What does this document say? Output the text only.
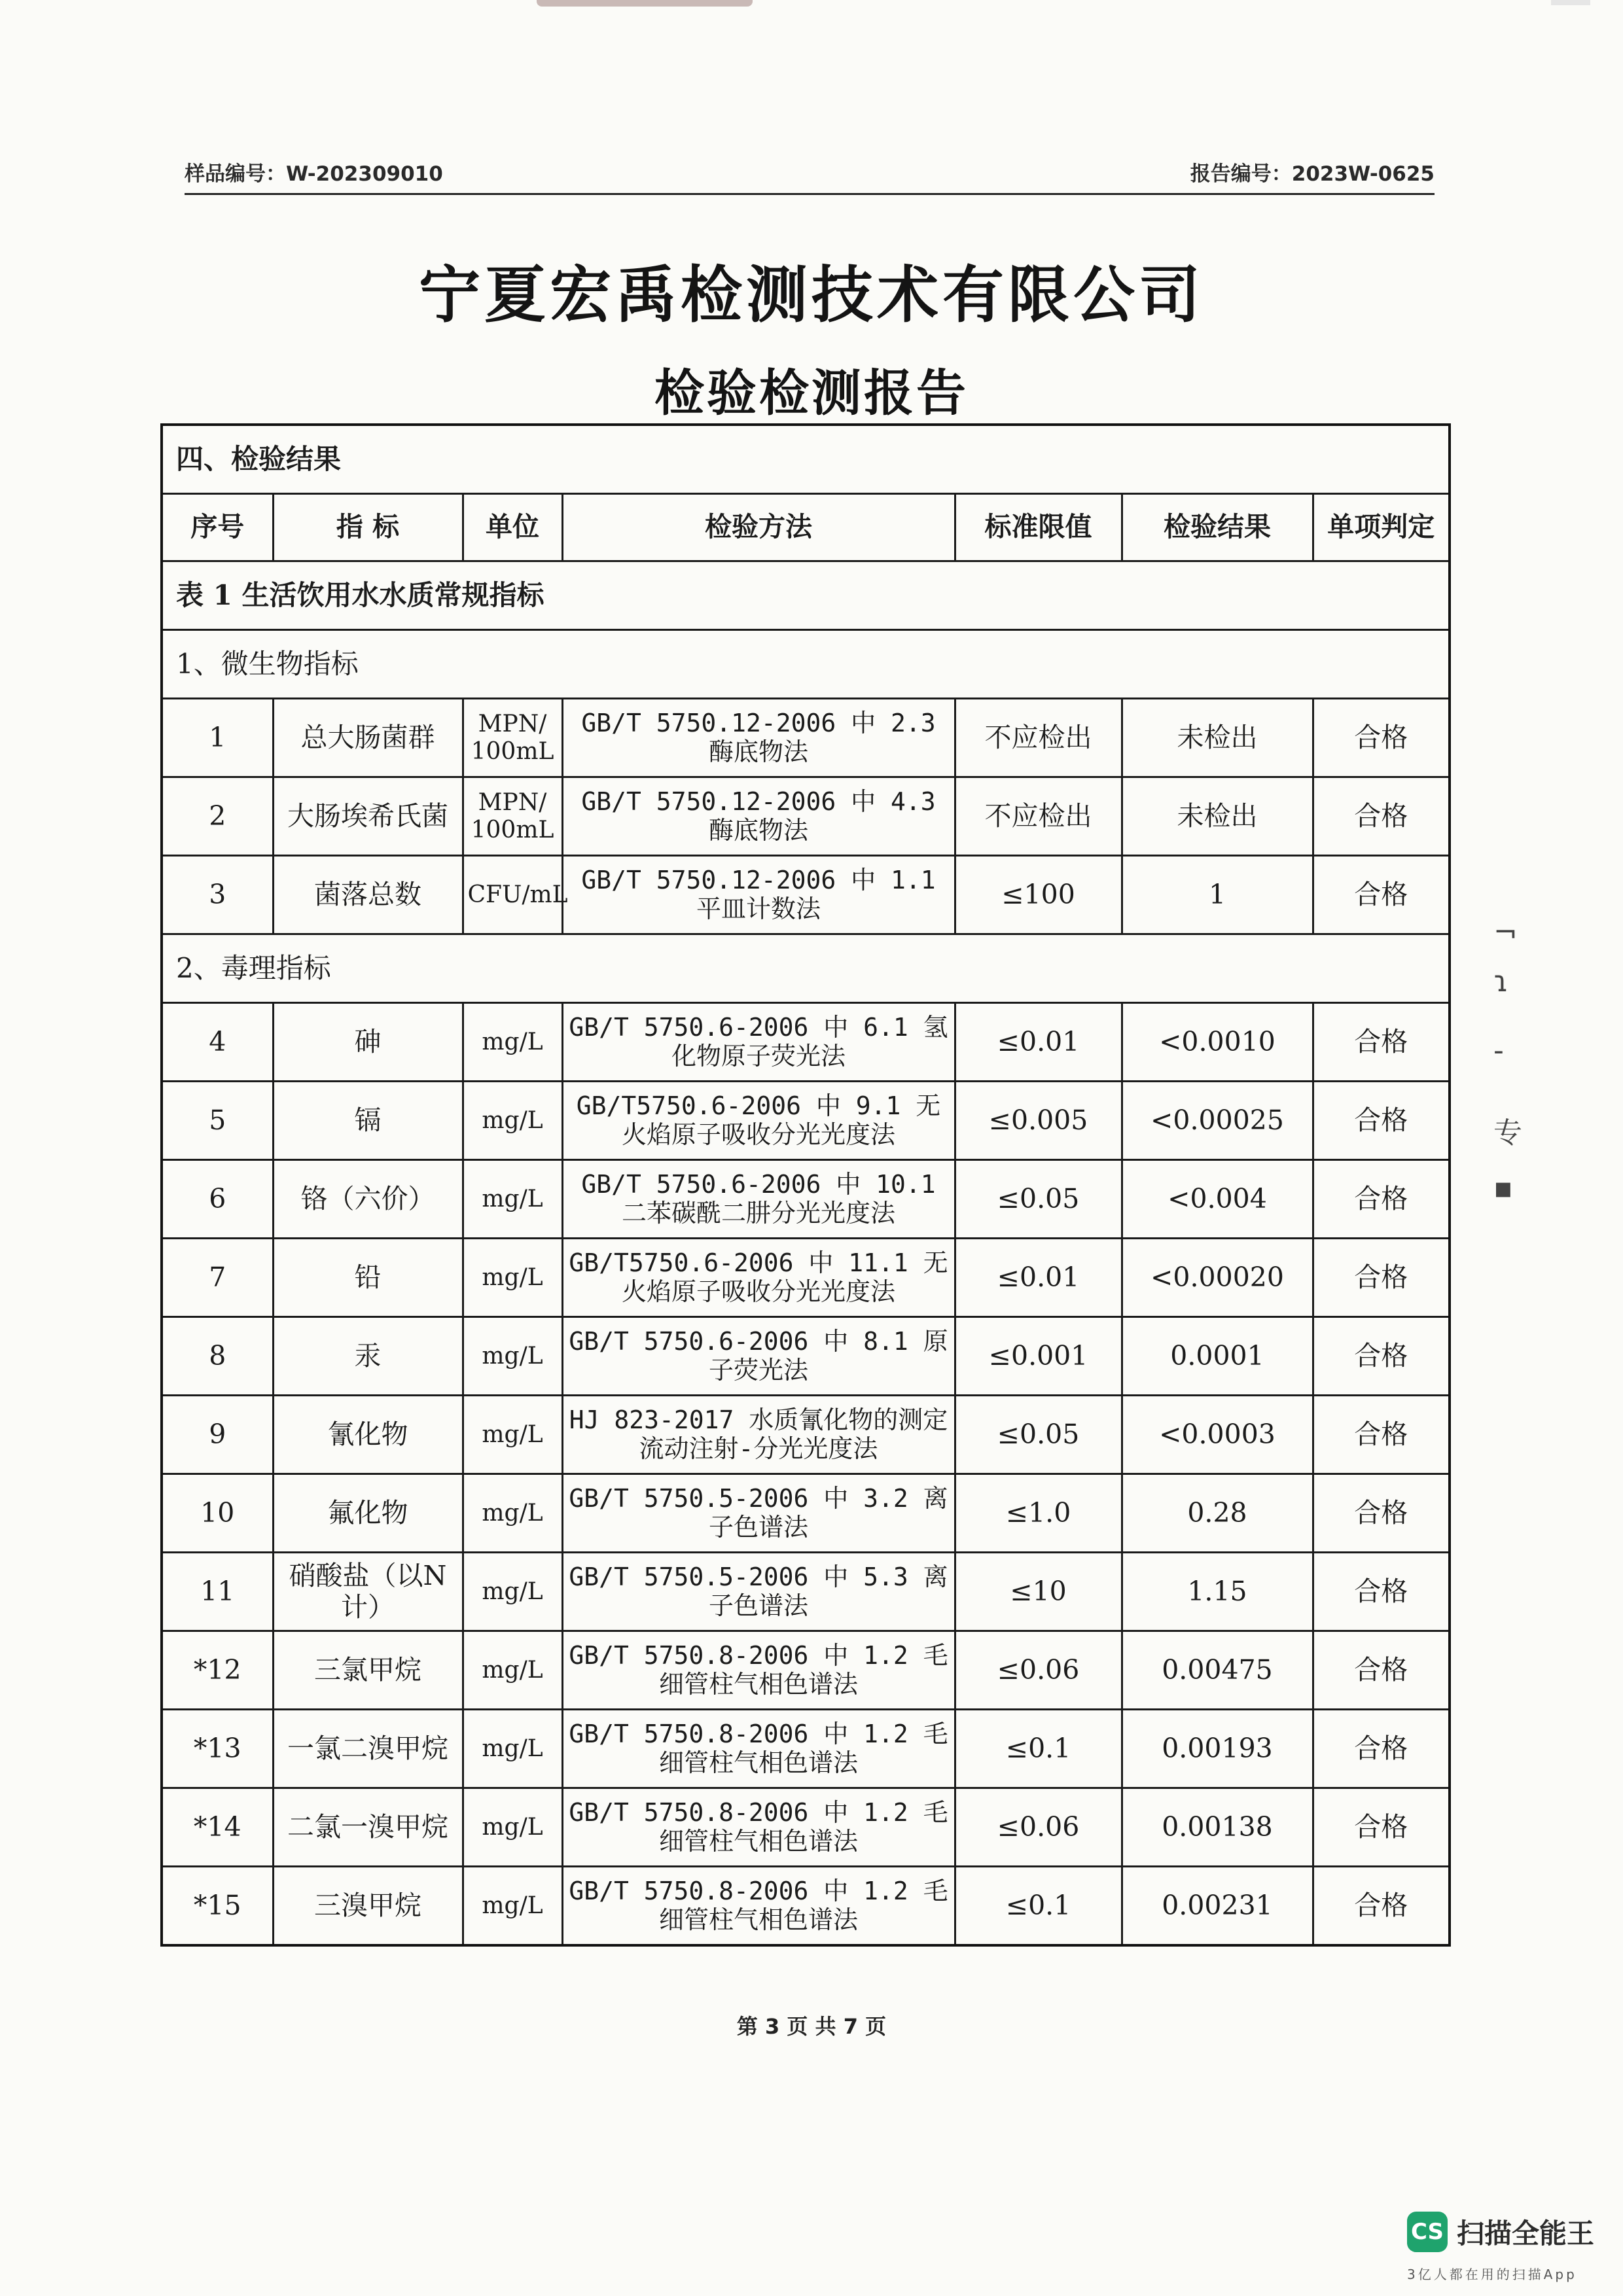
样品编号：W-202309010	报告编号：2023W-0625
宁夏宏禹检测技术有限公司
检验检测报告
四、检验结果						
序号	指 标	单位	检验方法	标准限值	检验结果	单项判定
表 1 生活饮用水水质常规指标						
1、微生物指标						
1	总大肠菌群	MPN/ 100mL	GB/T 5750.12-2006 中 2.3 酶底物法	不应检出	未检出	合格
2	大肠埃希氏菌	MPN/ 100mL	GB/T 5750.12-2006 中 4.3 酶底物法	不应检出	未检出	合格
3	菌落总数	CFU/mL	GB/T 5750.12-2006 中 1.1 平皿计数法	≤100	1	合格
2、毒理指标						
4	砷	mg/L	GB/T 5750.6-2006 中 6.1 氢化物原子荧光法	≤0.01	<0.0010	合格
5	镉	mg/L	GB/T5750.6-2006 中 9.1 无火焰原子吸收分光光度法	≤0.005	<0.00025	合格
6	铬（六价）	mg/L	GB/T 5750.6-2006 中 10.1 二苯碳酰二肼分光光度法	≤0.05	<0.004	合格
7	铅	mg/L	GB/T5750.6-2006 中 11.1 无火焰原子吸收分光光度法	≤0.01	<0.00020	合格
8	汞	mg/L	GB/T 5750.6-2006 中 8.1 原子荧光法	≤0.001	0.0001	合格
9	氰化物	mg/L	HJ 823-2017 水质氰化物的测定流动注射-分光光度法	≤0.05	<0.0003	合格
10	氟化物	mg/L	GB/T 5750.5-2006 中 3.2 离子色谱法	≤1.0	0.28	合格
11	硝酸盐（以N计）	mg/L	GB/T 5750.5-2006 中 5.3 离子色谱法	≤10	1.15	合格
*12	三氯甲烷	mg/L	GB/T 5750.8-2006 中 1.2 毛细管柱气相色谱法	≤0.06	0.00475	合格
*13	一氯二溴甲烷	mg/L	GB/T 5750.8-2006 中 1.2 毛细管柱气相色谱法	≤0.1	0.00193	合格
*14	二氯一溴甲烷	mg/L	GB/T 5750.8-2006 中 1.2 毛细管柱气相色谱法	≤0.06	0.00138	合格
*15	三溴甲烷	mg/L	GB/T 5750.8-2006 中 1.2 毛细管柱气相色谱法	≤0.1	0.00231	合格
第 3 页 共 7 页
¬
ɿ
-
专
▪
CS 扫描全能王
3亿人都在用的扫描App
